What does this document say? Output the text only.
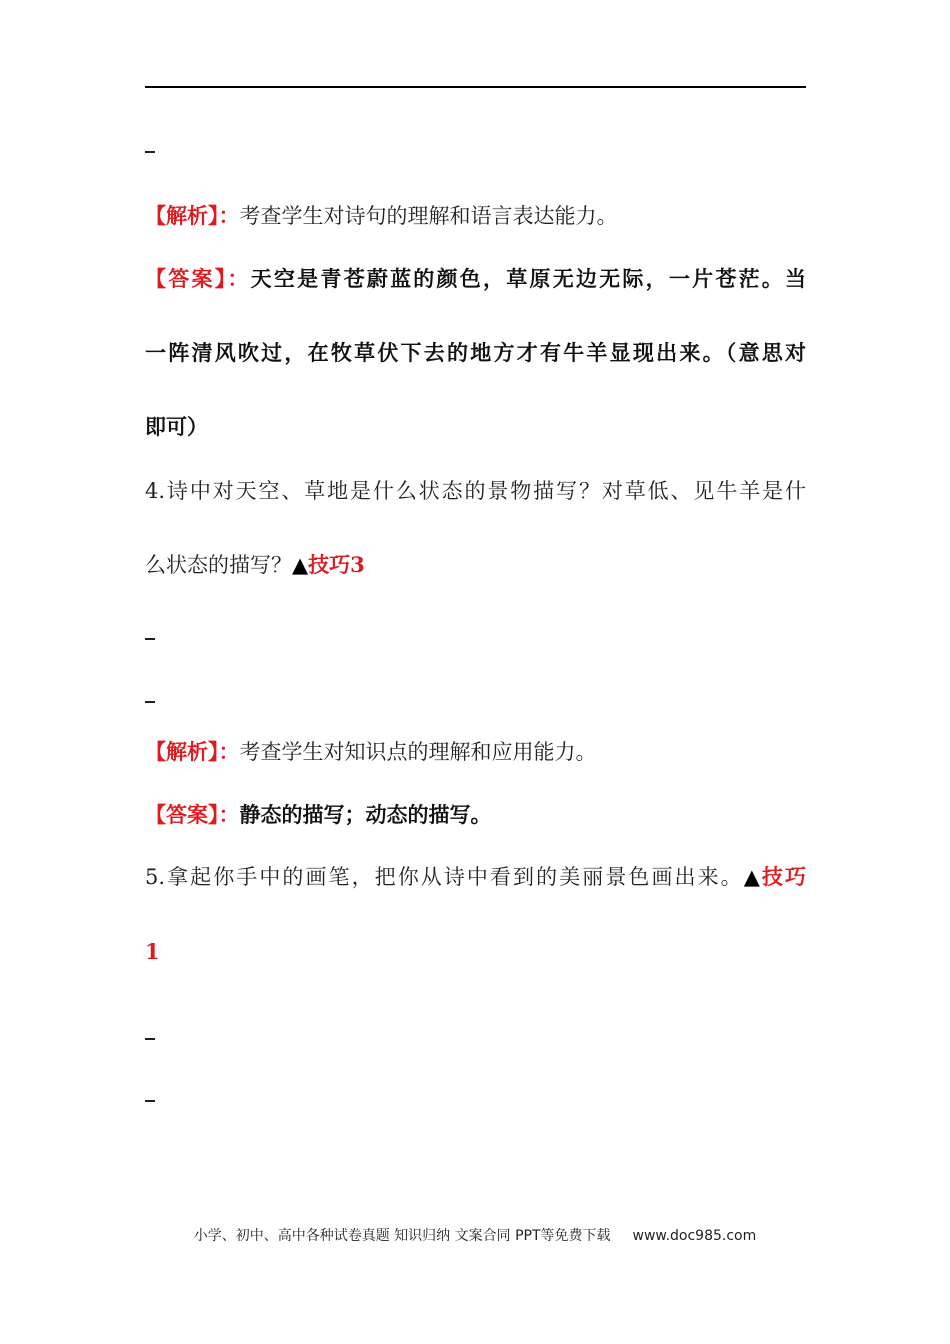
【解析】：考查学生对诗句的理解和语言表达能力。
【答案】：天空是青苍蔚蓝的颜色，草原无边无际，一片苍茫。当
一阵清风吹过，在牧草伏下去的地方才有牛羊显现出来。（意思对
即可）
4.诗中对天空、草地是什么状态的景物描写？对草低、见牛羊是什
么状态的描写？▲技巧3
【解析】：考查学生对知识点的理解和应用能力。
【答案】：静态的描写；动态的描写。
5.拿起你手中的画笔，把你从诗中看到的美丽景色画出来。▲技巧
1
小学、初中、高中各种试卷真题 知识归纳 文案合同 PPT等免费下载 www.doc985.com
